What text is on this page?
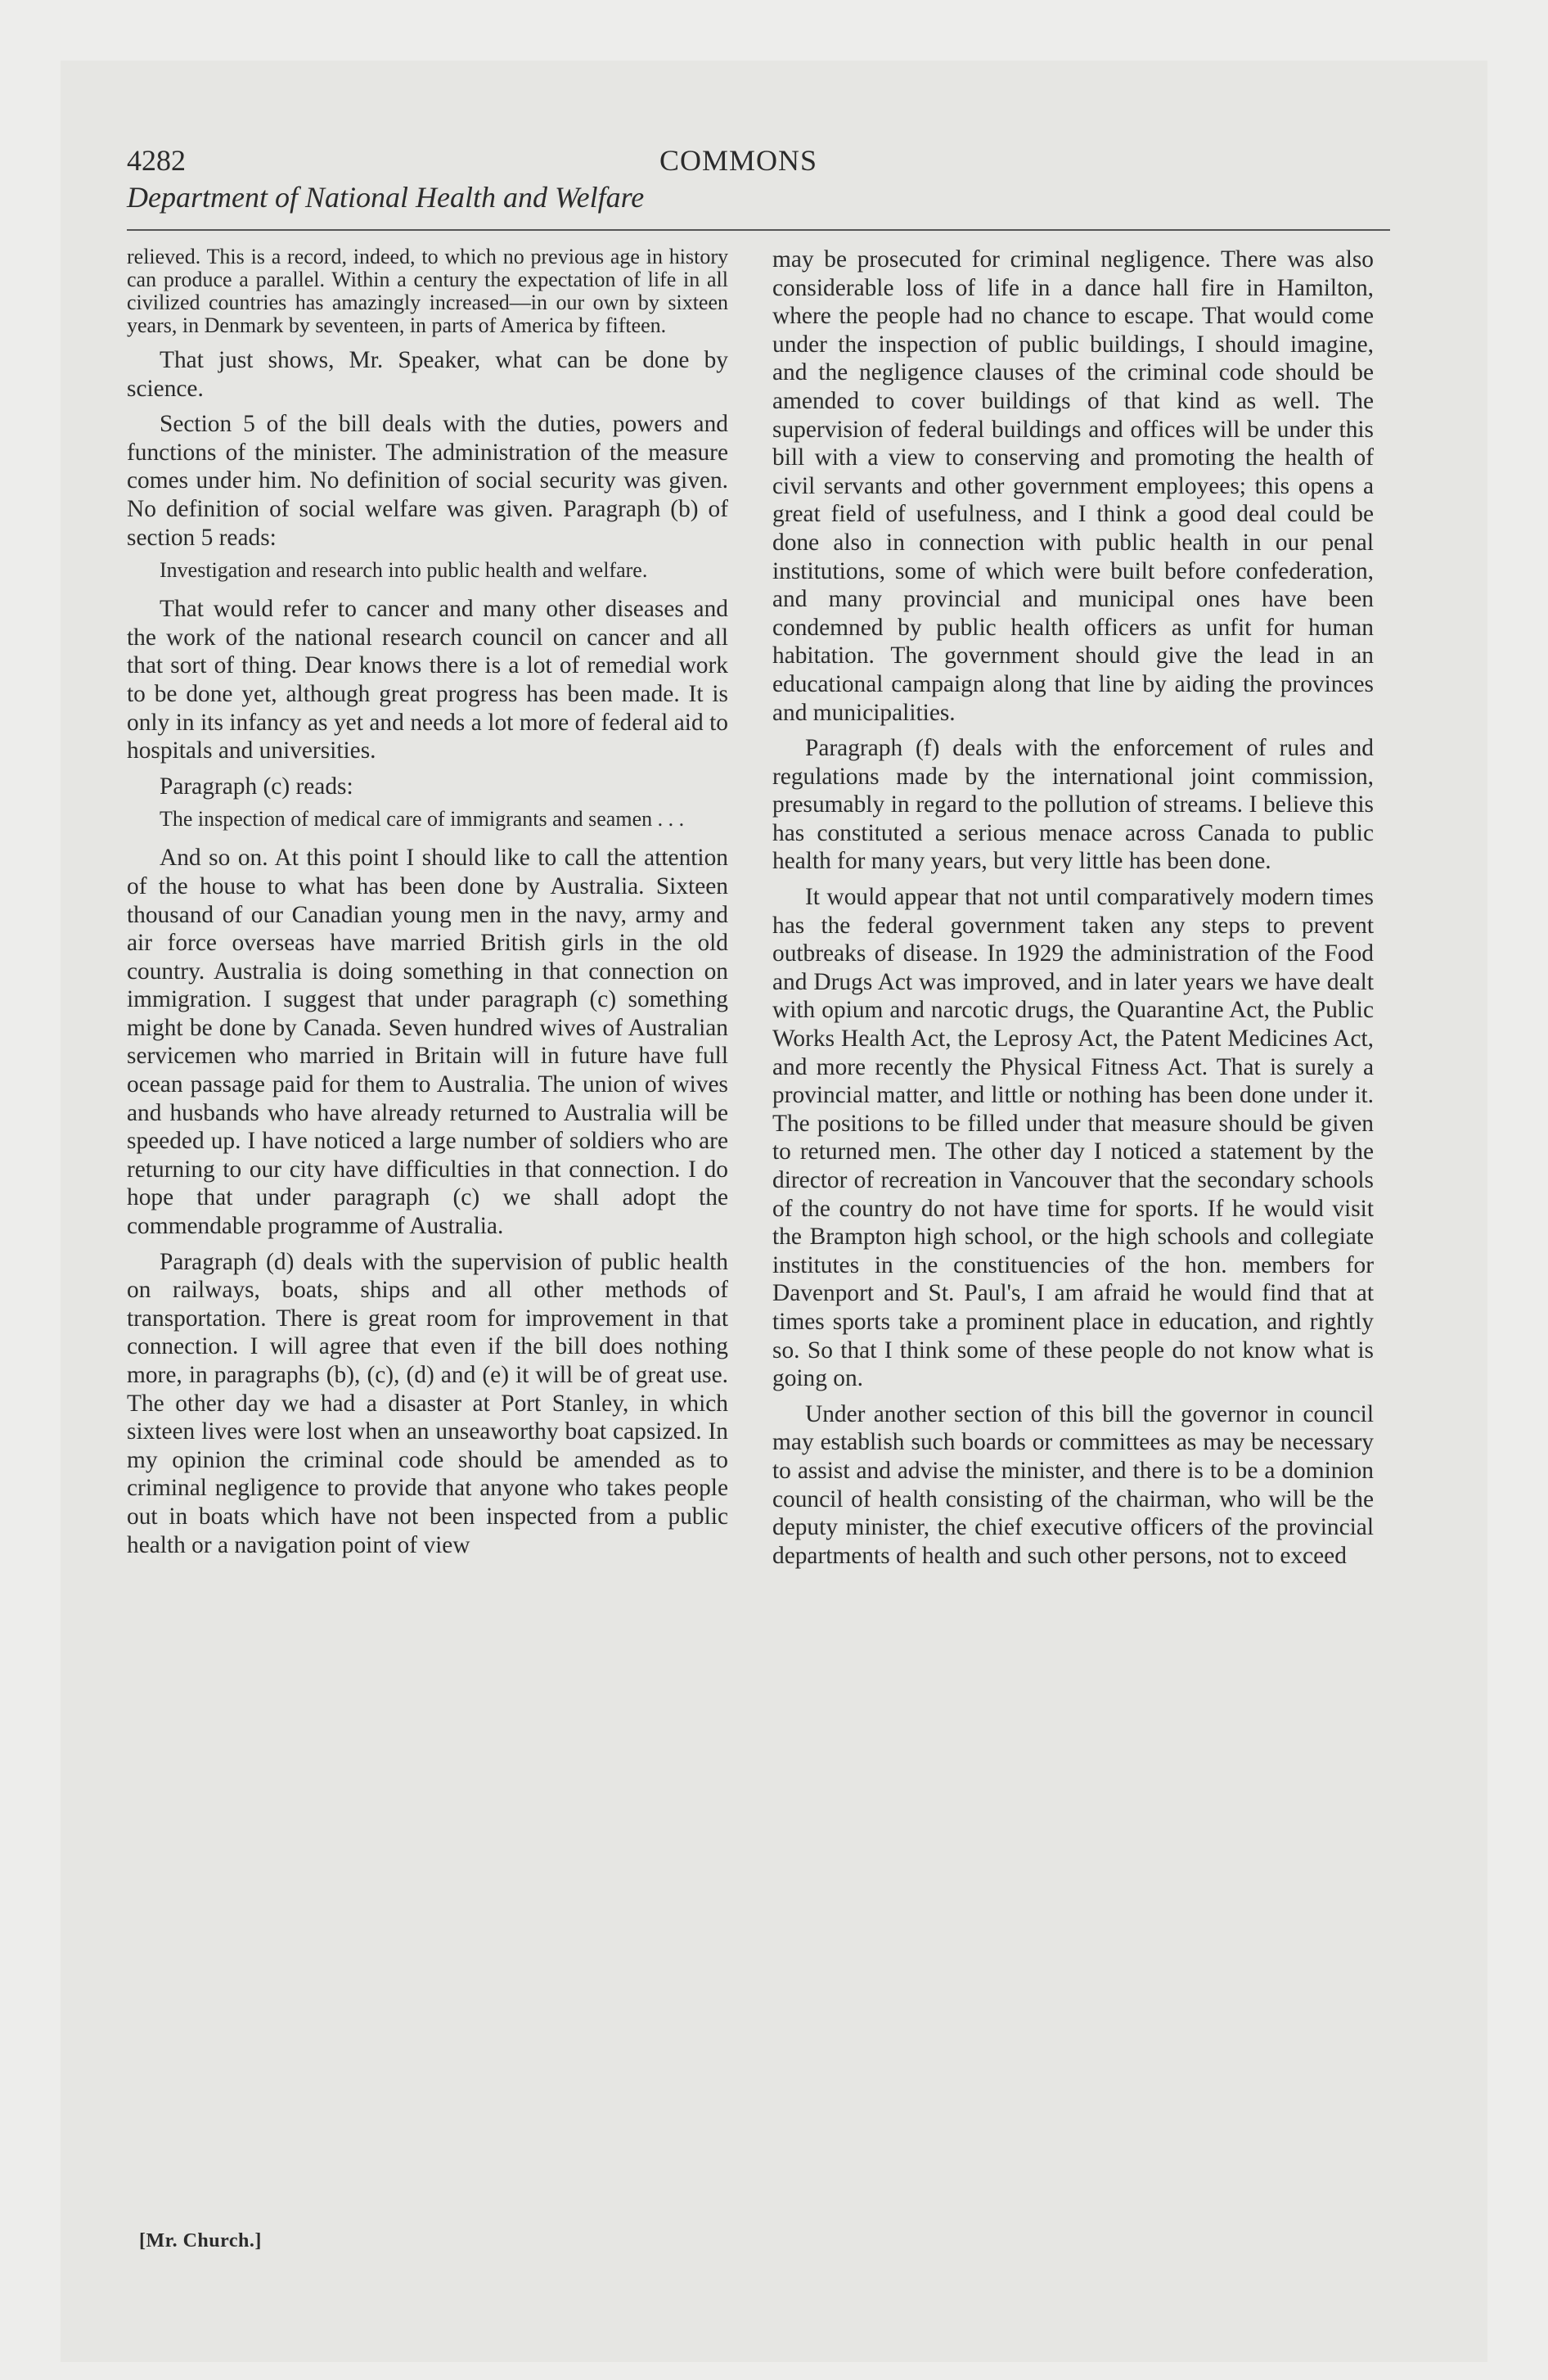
4282	COMMONS
Department of National Health and Welfare

relieved. This is a record, indeed, to which no previous age in history can produce a parallel. Within a century the expectation of life in all civilized countries has amazingly increased—in our own by sixteen years, in Denmark by seventeen, in parts of America by fifteen.

That just shows, Mr. Speaker, what can be done by science.

Section 5 of the bill deals with the duties, powers and functions of the minister. The administration of the measure comes under him. No definition of social security was given. No definition of social welfare was given. Paragraph (b) of section 5 reads:

Investigation and research into public health and welfare.

That would refer to cancer and many other diseases and the work of the national research council on cancer and all that sort of thing. Dear knows there is a lot of remedial work to be done yet, although great progress has been made. It is only in its infancy as yet and needs a lot more of federal aid to hospitals and universities.

Paragraph (c) reads:

The inspection of medical care of immigrants and seamen . . .

And so on. At this point I should like to call the attention of the house to what has been done by Australia. Sixteen thousand of our Canadian young men in the navy, army and air force overseas have married British girls in the old country. Australia is doing something in that connection on immigration. I suggest that under paragraph (c) something might be done by Canada. Seven hundred wives of Australian servicemen who married in Britain will in future have full ocean passage paid for them to Australia. The union of wives and husbands who have already returned to Australia will be speeded up. I have noticed a large number of soldiers who are returning to our city have difficulties in that connection. I do hope that under paragraph (c) we shall adopt the commendable programme of Australia.

Paragraph (d) deals with the supervision of public health on railways, boats, ships and all other methods of transportation. There is great room for improvement in that connection. I will agree that even if the bill does nothing more, in paragraphs (b), (c), (d) and (e) it will be of great use. The other day we had a disaster at Port Stanley, in which sixteen lives were lost when an unseaworthy boat capsized. In my opinion the criminal code should be amended as to criminal negligence to provide that anyone who takes people out in boats which have not been inspected from a public health or a navigation point of view

[Mr. Church.]

may be prosecuted for criminal negligence. There was also considerable loss of life in a dance hall fire in Hamilton, where the people had no chance to escape. That would come under the inspection of public buildings, I should imagine, and the negligence clauses of the criminal code should be amended to cover buildings of that kind as well. The supervision of federal buildings and offices will be under this bill with a view to conserving and promoting the health of civil servants and other government employees; this opens a great field of usefulness, and I think a good deal could be done also in connection with public health in our penal institutions, some of which were built before confederation, and many provincial and municipal ones have been condemned by public health officers as unfit for human habitation. The government should give the lead in an educational campaign along that line by aiding the provinces and municipalities.

Paragraph (f) deals with the enforcement of rules and regulations made by the international joint commission, presumably in regard to the pollution of streams. I believe this has constituted a serious menace across Canada to public health for many years, but very little has been done.

It would appear that not until comparatively modern times has the federal government taken any steps to prevent outbreaks of disease. In 1929 the administration of the Food and Drugs Act was improved, and in later years we have dealt with opium and narcotic drugs, the Quarantine Act, the Public Works Health Act, the Leprosy Act, the Patent Medicines Act, and more recently the Physical Fitness Act. That is surely a provincial matter, and little or nothing has been done under it. The positions to be filled under that measure should be given to returned men. The other day I noticed a statement by the director of recreation in Vancouver that the secondary schools of the country do not have time for sports. If he would visit the Brampton high school, or the high schools and collegiate institutes in the constituencies of the hon. members for Davenport and St. Paul's, I am afraid he would find that at times sports take a prominent place in education, and rightly so. So that I think some of these people do not know what is going on.

Under another section of this bill the governor in council may establish such boards or committees as may be necessary to assist and advise the minister, and there is to be a dominion council of health consisting of the chairman, who will be the deputy minister, the chief executive officers of the provincial departments of health and such other persons, not to exceed
